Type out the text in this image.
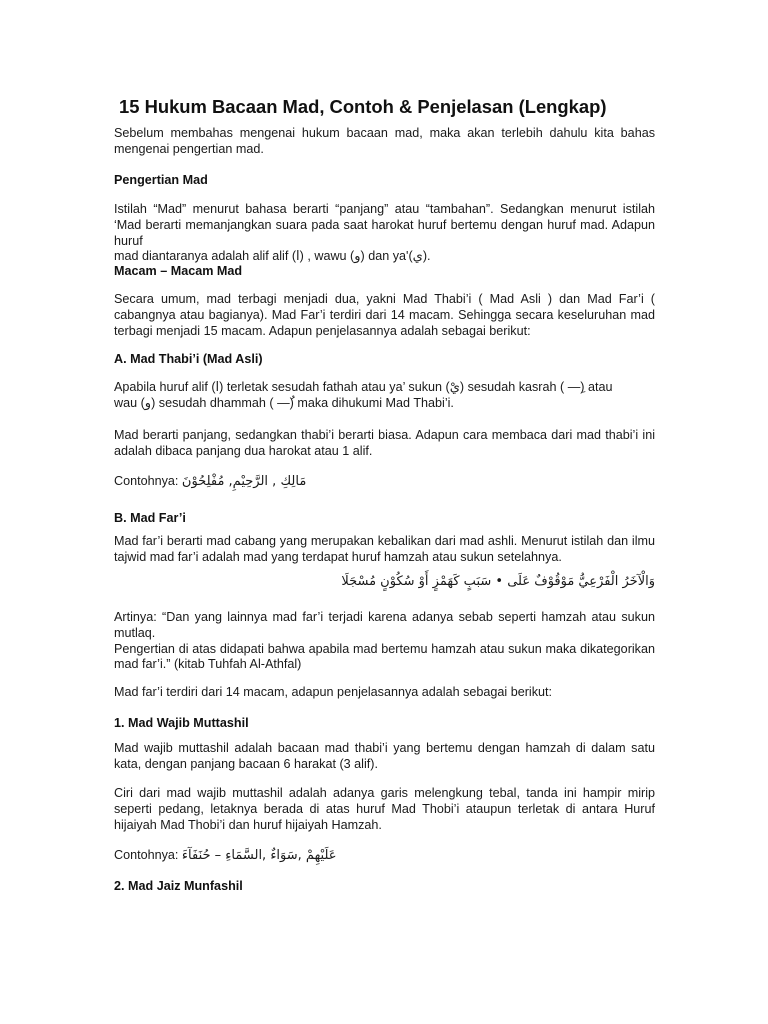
15 Hukum Bacaan Mad, Contoh & Penjelasan (Lengkap)

Sebelum membahas mengenai hukum bacaan mad, maka akan terlebih dahulu kita bahas mengenai pengertian mad.

Pengertian Mad

Istilah “Mad” menurut bahasa berarti “panjang” atau “tambahan”. Sedangkan menurut istilah ‘Mad berarti memanjangkan suara pada saat harokat huruf bertemu dengan huruf mad. Adapun huruf
mad diantaranya adalah alif alif (ا) , wawu (و) dan ya'(ي).

Macam – Macam Mad

Secara umum, mad terbagi menjadi dua, yakni Mad Thabi’i ( Mad Asli ) dan Mad Far’i ( cabangnya atau bagianya). Mad Far’i terdiri dari 14 macam. Sehingga secara keseluruhan mad terbagi menjadi 15 macam. Adapun penjelasannya adalah sebagai berikut:

A. Mad Thabi’i (Mad Asli)

Apabila huruf alif (ا) terletak sesudah fathah atau ya’ sukun (يْ) sesudah kasrah ( —) atau
wau (و) sesudah dhammah ( —) maka dihukumi Mad Thabi’i.

Mad berarti panjang, sedangkan thabi’i berarti biasa. Adapun cara membaca dari mad thabi’i ini adalah dibaca panjang dua harokat atau 1 alif.

Contohnya: مَالِكِ , الرَّحِيْمِ, مُفْلِحُوْنَ

B. Mad Far’i

Mad far’i berarti mad cabang yang merupakan kebalikan dari mad ashli. Menurut istilah dan ilmu tajwid mad far’i adalah mad yang terdapat huruf hamzah atau sukun setelahnya.

وَالْآخَرُ الْفَرْعِيُّ مَوْقُوْفٌ عَلَى • سَبَبٍ كَهَمْزٍ أَوْ سُكُوْنٍ مُسْجَلَا

Artinya: “Dan yang lainnya mad far’i terjadi karena adanya sebab seperti hamzah atau sukun mutlaq.
Pengertian di atas didapati bahwa apabila mad bertemu hamzah atau sukun maka dikategorikan mad far’i.” (kitab Tuhfah Al-Athfal)

Mad far’i terdiri dari 14 macam, adapun penjelasannya adalah sebagai berikut:

1. Mad Wajib Muttashil

Mad wajib muttashil adalah bacaan mad thabi’i yang bertemu dengan hamzah di dalam satu kata, dengan panjang bacaan 6 harakat (3 alif).

Ciri dari mad wajib muttashil adalah adanya garis melengkung tebal, tanda ini hampir mirip seperti pedang, letaknya berada di atas huruf Mad Thobi’i ataupun terletak di antara Huruf hijaiyah Mad Thobi’i dan huruf hijaiyah Hamzah.

Contohnya: عَلَيْهِمْ ,سَوَاءٌ ,السَّمَاءِ – حُنَفَآءَ

2. Mad Jaiz Munfashil
